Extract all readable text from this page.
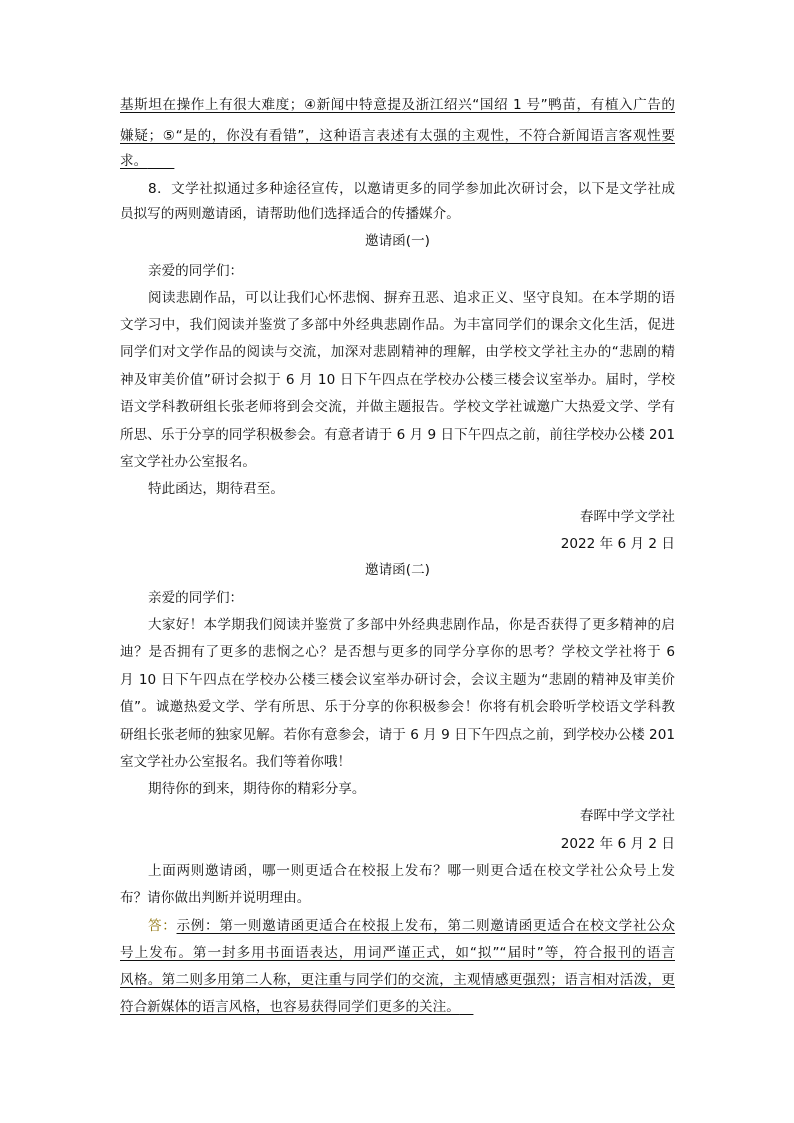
基斯坦在操作上有很大难度；④新闻中特意提及浙江绍兴“国绍 1 号”鸭苗，有植入广告的
嫌疑；⑤“是的，你没有看错”，这种语言表述有太强的主观性，不符合新闻语言客观性要
求。  
8．文学社拟通过多种途径宣传，以邀请更多的同学参加此次研讨会，以下是文学社成
员拟写的两则邀请函，请帮助他们选择适合的传播媒介。
邀请函(一)
亲爱的同学们：
阅读悲剧作品，可以让我们心怀悲悯、摒弃丑恶、追求正义、坚守良知。在本学期的语
文学习中，我们阅读并鉴赏了多部中外经典悲剧作品。为丰富同学们的课余文化生活，促进
同学们对文学作品的阅读与交流，加深对悲剧精神的理解，由学校文学社主办的“悲剧的精
神及审美价值”研讨会拟于 6 月 10 日下午四点在学校办公楼三楼会议室举办。届时，学校
语文学科教研组长张老师将到会交流，并做主题报告。学校文学社诚邀广大热爱文学、学有
所思、乐于分享的同学积极参会。有意者请于 6 月 9 日下午四点之前，前往学校办公楼 201
室文学社办公室报名。
特此函达，期待君至。
春晖中学文学社
2022 年 6 月 2 日
邀请函(二)
亲爱的同学们：
大家好！本学期我们阅读并鉴赏了多部中外经典悲剧作品，你是否获得了更多精神的启
迪？是否拥有了更多的悲悯之心？是否想与更多的同学分享你的思考？学校文学社将于 6
月 10 日下午四点在学校办公楼三楼会议室举办研讨会，会议主题为“悲剧的精神及审美价
值”。诚邀热爱文学、学有所思、乐于分享的你积极参会！你将有机会聆听学校语文学科教
研组长张老师的独家见解。若你有意参会，请于 6 月 9 日下午四点之前，到学校办公楼 201
室文学社办公室报名。我们等着你哦！
期待你的到来，期待你的精彩分享。
春晖中学文学社
2022 年 6 月 2 日
上面两则邀请函，哪一则更适合在校报上发布？哪一则更合适在校文学社公众号上发
布？请你做出判断并说明理由。
答：示例：第一则邀请函更适合在校报上发布，第二则邀请函更适合在校文学社公众
号上发布。第一封多用书面语表达，用词严谨正式，如“拟”“届时”等，符合报刊的语言
风格。第二则多用第二人称，更注重与同学们的交流，主观情感更强烈；语言相对活泼，更
符合新媒体的语言风格，也容易获得同学们更多的关注。 
